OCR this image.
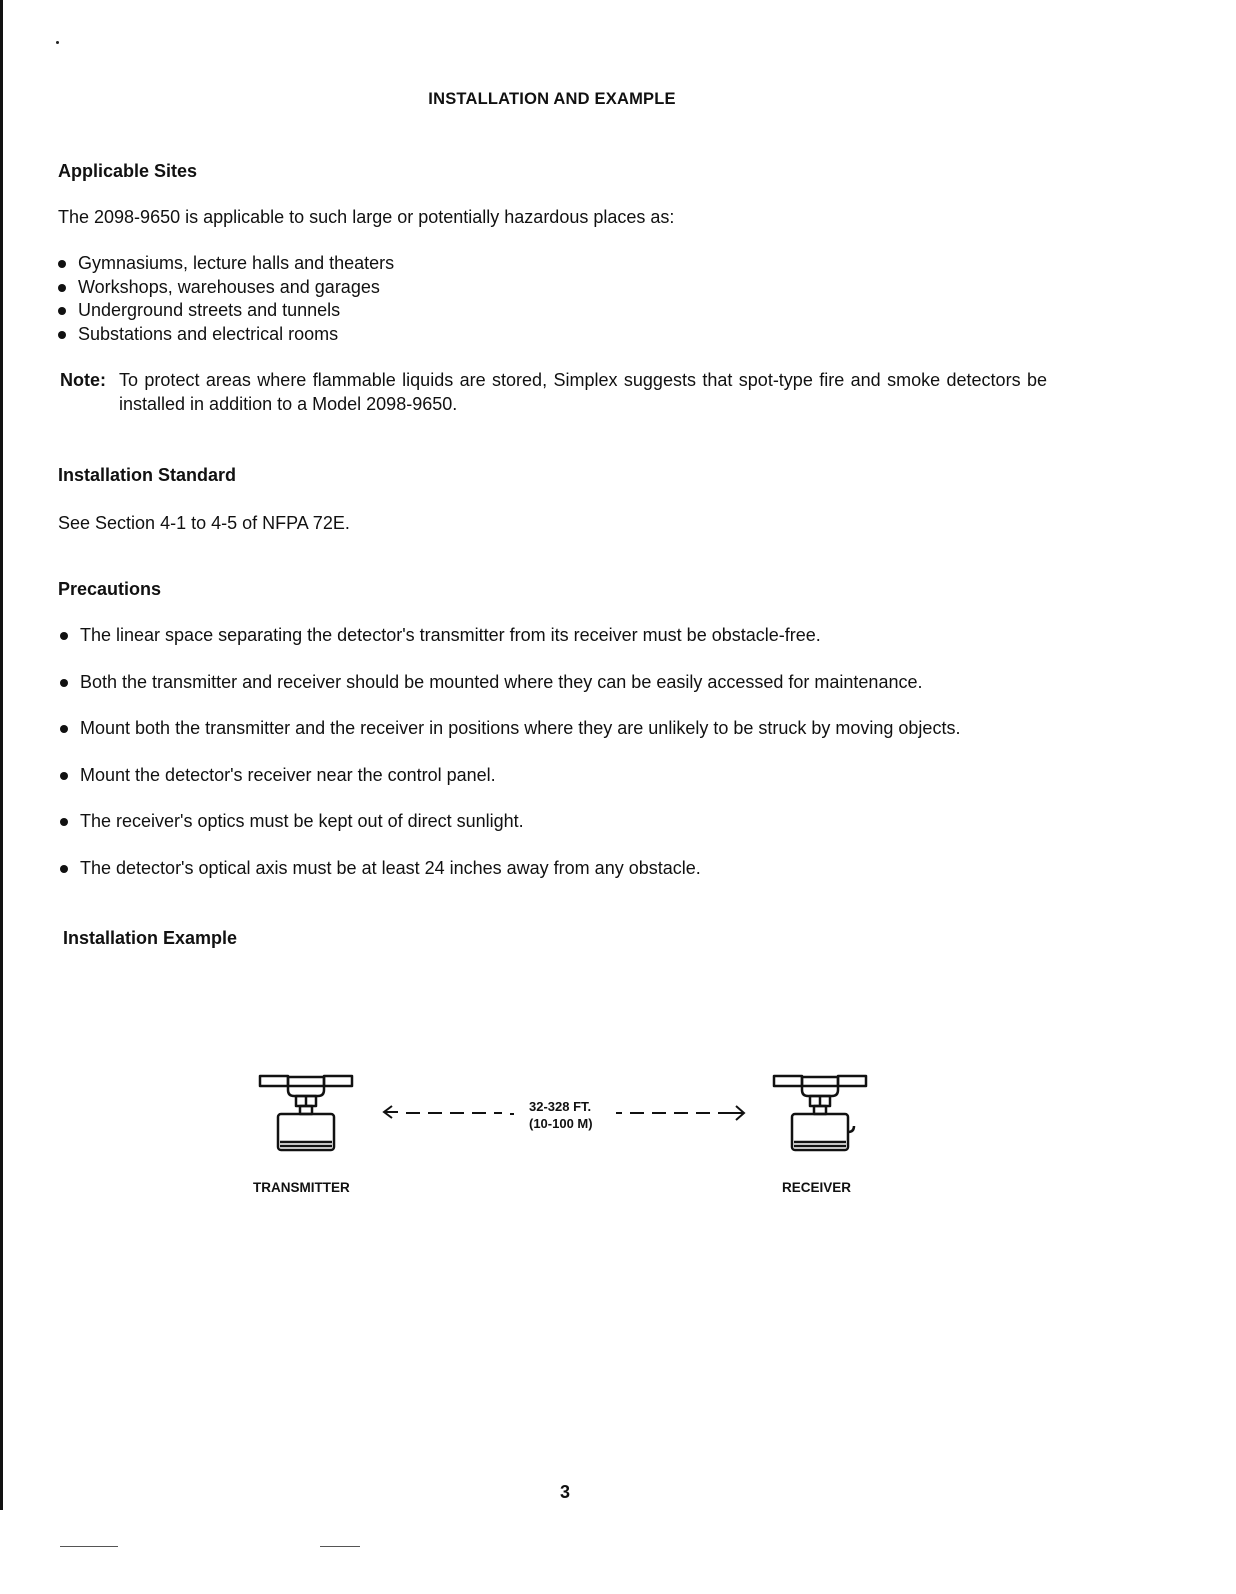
INSTALLATION AND EXAMPLE
Applicable Sites
The 2098-9650 is applicable to such large or potentially hazardous places as:
Gymnasiums, lecture halls and theaters
Workshops, warehouses and garages
Underground streets and tunnels
Substations and electrical rooms
Note: To protect areas where flammable liquids are stored, Simplex suggests that spot-type fire and smoke detectors be installed in addition to a Model 2098-9650.
Installation Standard
See Section 4-1 to 4-5 of NFPA 72E.
Precautions
The linear space separating the detector's transmitter from its receiver must be obstacle-free.
Both the transmitter and receiver should be mounted where they can be easily accessed for maintenance.
Mount both the transmitter and the receiver in positions where they are unlikely to be struck by moving objects.
Mount the detector's receiver near the control panel.
The receiver's optics must be kept out of direct sunlight.
The detector's optical axis must be at least 24 inches away from any obstacle.
Installation Example
TRANSMITTER	RECEIVER
32-328 FT.
(10-100 M)
3
